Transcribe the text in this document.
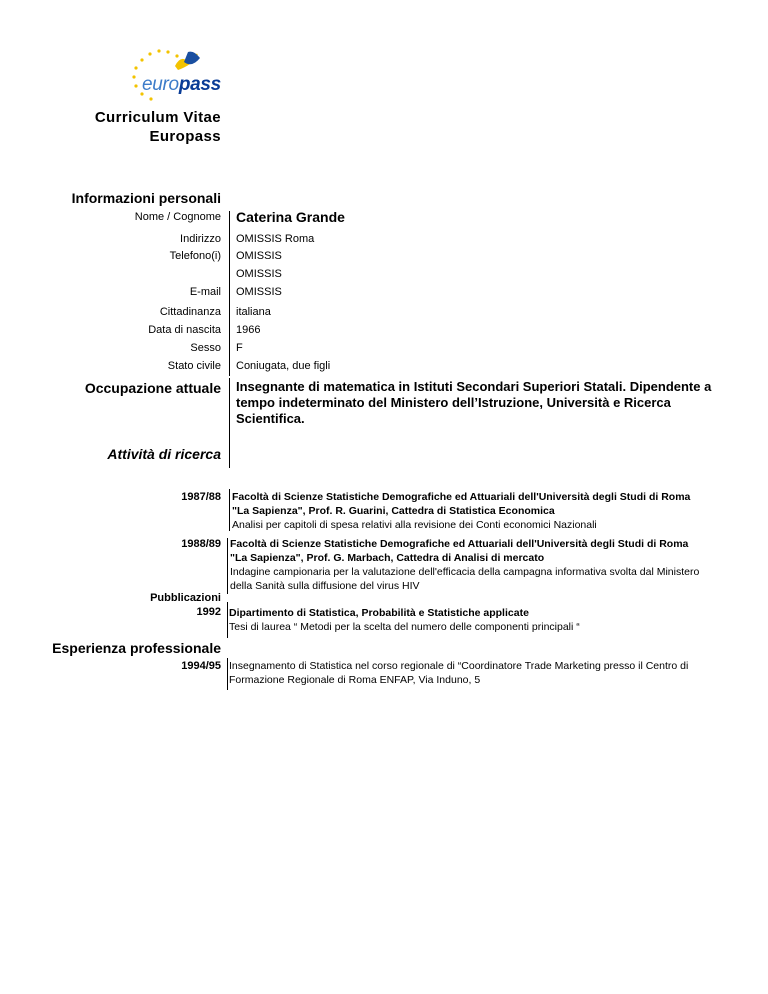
europass
Curriculum Vitae
Europass
Informazioni personali
Nome / Cognome Caterina Grande
Indirizzo OMISSIS Roma
Telefono(i) OMISSIS
OMISSIS
E-mail OMISSIS
Cittadinanza italiana
Data di nascita 1966
Sesso F
Stato civile Coniugata, due figli
Occupazione attuale Insegnante di matematica in Istituti Secondari Superiori Statali. Dipendente a tempo indeterminato del Ministero dell’Istruzione, Università e Ricerca Scientifica.
Attività di ricerca
1987/88 Facoltà di Scienze Statistiche Demografiche ed Attuariali dell'Università degli Studi di Roma
"La Sapienza", Prof. R. Guarini, Cattedra di Statistica Economica
Analisi per capitoli di spesa relativi alla revisione dei Conti economici Nazionali
1988/89 Facoltà di Scienze Statistiche Demografiche ed Attuariali dell'Università degli Studi di Roma
"La Sapienza", Prof. G. Marbach, Cattedra di Analisi di mercato
Indagine campionaria per la valutazione dell'efficacia della campagna informativa svolta dal Ministero
della Sanità sulla diffusione del virus HIV
Pubblicazioni
1992 Dipartimento di Statistica, Probabilità e Statistiche applicate
Tesi di laurea “ Metodi per la scelta del numero delle componenti principali “
Esperienza professionale
1994/95 Insegnamento di Statistica nel corso regionale di “Coordinatore Trade Marketing presso il Centro di
Formazione Regionale di Roma ENFAP, Via Induno, 5
